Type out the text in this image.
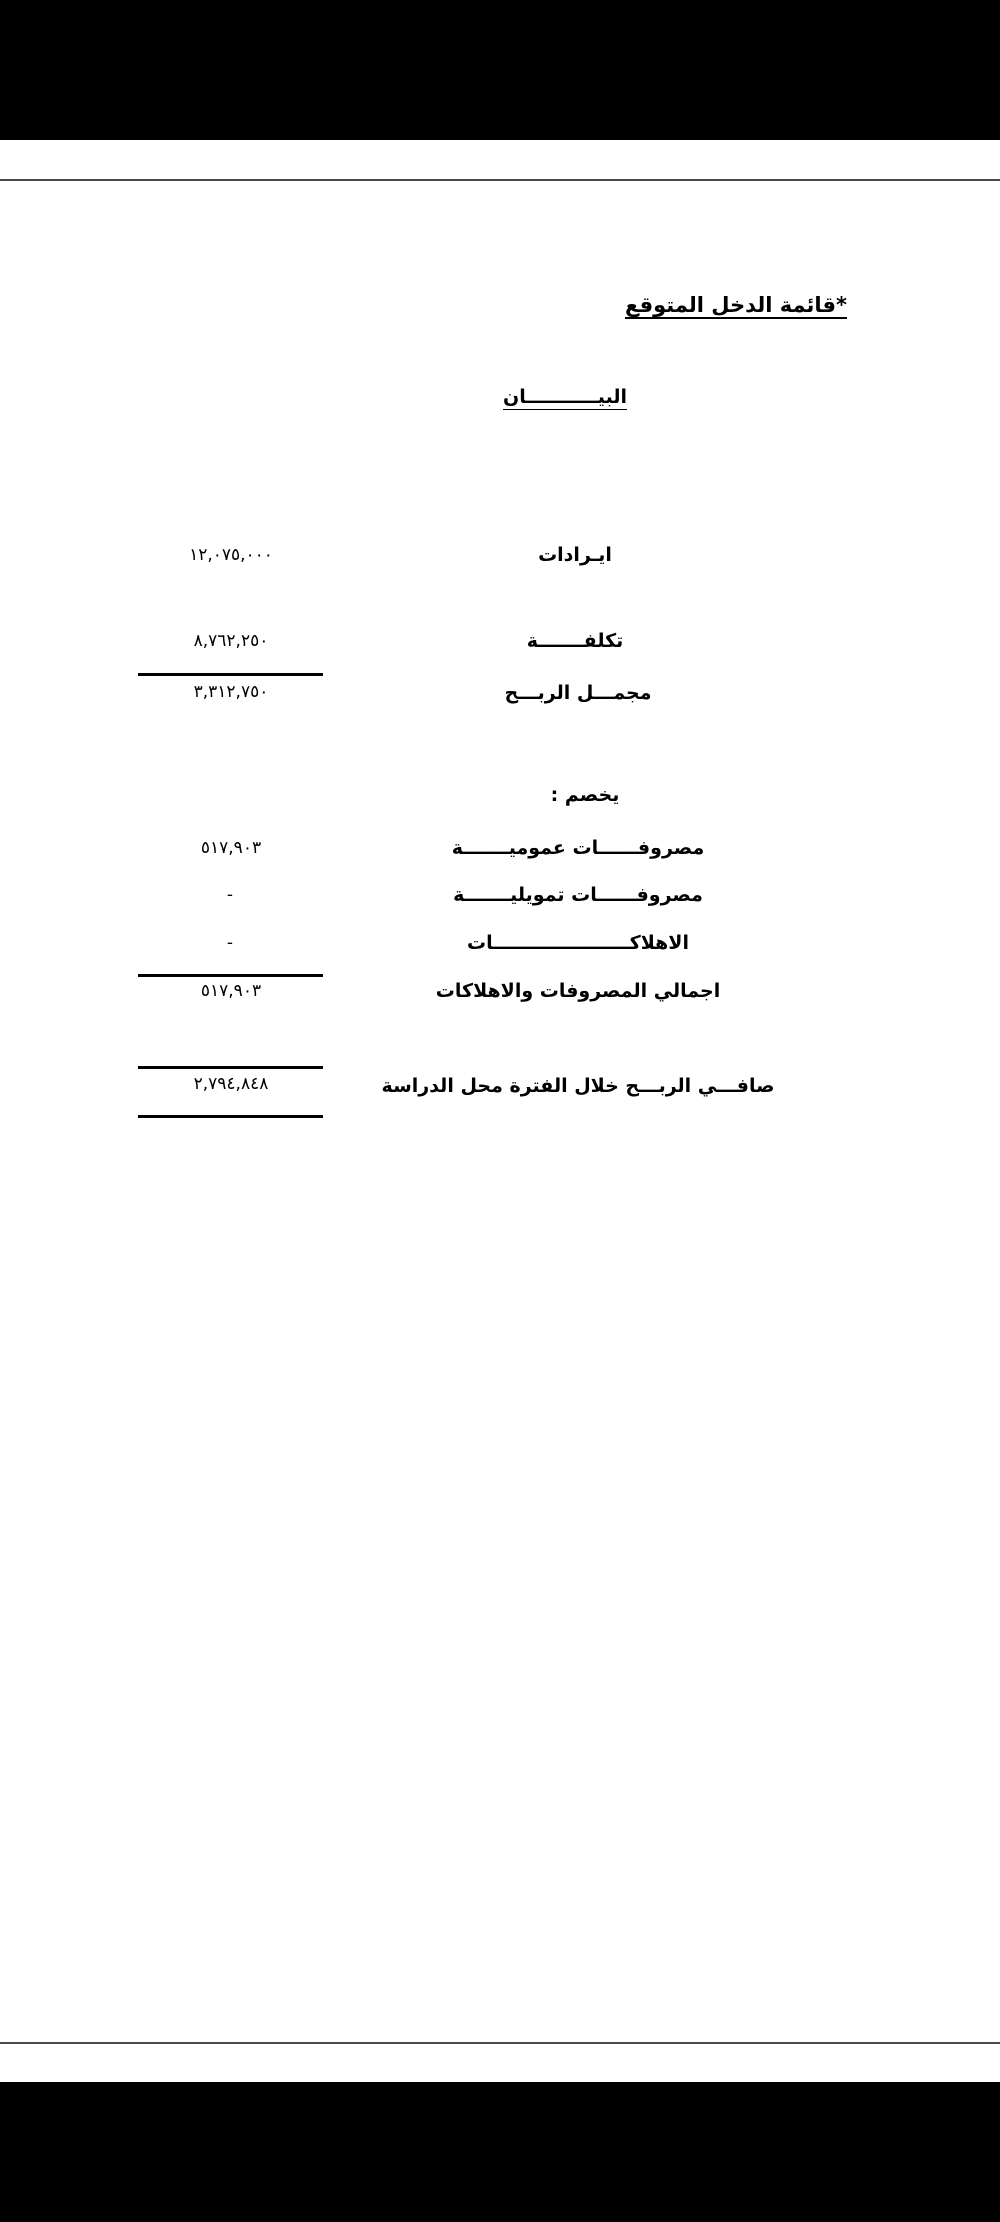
*قائمة الدخل المتوقع
البيـــــــــــان
ايـرادات
١٢,٠٧٥,٠٠٠
تكلفـــــــة
٨,٧٦٢,٢٥٠
مجمـــل الربـــح
٣,٣١٢,٧٥٠
يخصم :
مصروفــــــات عموميـــــــة
٥١٧,٩٠٣
مصروفــــــات تمويليـــــــة
-
الاهلاكـــــــــــــــــــــات
-
اجمالي المصروفات والاهلاكات
٥١٧,٩٠٣
صافـــي الربـــح خلال الفترة محل الدراسة
٢,٧٩٤,٨٤٨
